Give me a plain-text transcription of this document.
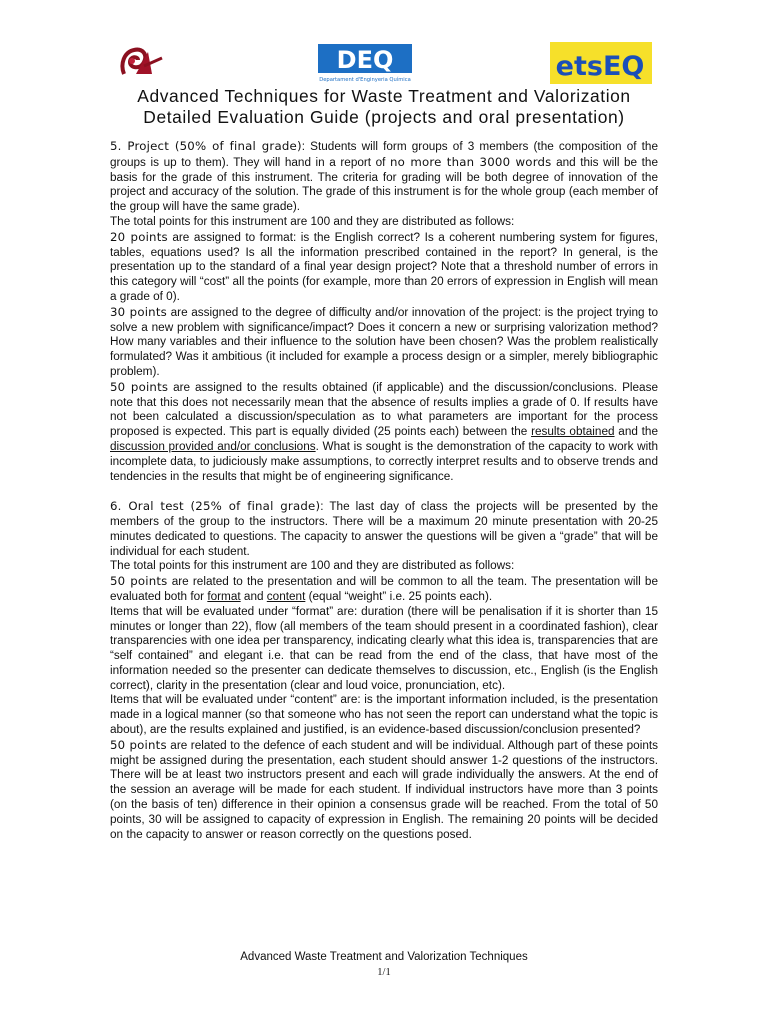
DEQ
Departament d'Enginyeria Química	etsEQ
Advanced Techniques for Waste Treatment and Valorization
Detailed Evaluation Guide (projects and oral presentation)

5. Project (50% of final grade): Students will form groups of 3 members (the composition of the groups is up to them). They will hand in a report of no more than 3000 words and this will be the basis for the grade of this instrument. The criteria for grading will be both degree of innovation of the project and accuracy of the solution. The grade of this instrument is for the whole group (each member of the group will have the same grade).

The total points for this instrument are 100 and they are distributed as follows:

20 points are assigned to format: is the English correct? Is a coherent numbering system for figures, tables, equations used? Is all the information prescribed contained in the report? In general, is the presentation up to the standard of a final year design project? Note that a threshold number of errors in this category will “cost” all the points (for example, more than 20 errors of expression in English will mean a grade of 0).

30 points are assigned to the degree of difficulty and/or innovation of the project: is the project trying to solve a new problem with significance/impact? Does it concern a new or surprising valorization method? How many variables and their influence to the solution have been chosen? Was the problem realistically formulated? Was it ambitious (it included for example a process design or a simpler, merely bibliographic problem).

50 points are assigned to the results obtained (if applicable) and the discussion/conclusions. Please note that this does not necessarily mean that the absence of results implies a grade of 0. If results have not been calculated a discussion/speculation as to what parameters are important for the process proposed is expected. This part is equally divided (25 points each) between the results obtained and the discussion provided and/or conclusions. What is sought is the demonstration of the capacity to work with incomplete data, to judiciously make assumptions, to correctly interpret results and to observe trends and tendencies in the results that might be of engineering significance.

6. Oral test (25% of final grade): The last day of class the projects will be presented by the members of the group to the instructors. There will be a maximum 20 minute presentation with 20-25 minutes dedicated to questions. The capacity to answer the questions will be given a “grade” that will be individual for each student.

The total points for this instrument are 100 and they are distributed as follows:

50 points are related to the presentation and will be common to all the team. The presentation will be evaluated both for format and content (equal “weight” i.e. 25 points each).

Items that will be evaluated under “format” are: duration (there will be penalisation if it is shorter than 15 minutes or longer than 22), flow (all members of the team should present in a coordinated fashion), clear transparencies with one idea per transparency, indicating clearly what this idea is, transparencies that are “self contained” and elegant i.e. that can be read from the end of the class, that have most of the information needed so the presenter can dedicate themselves to discussion, etc., English (is the English correct), clarity in the presentation (clear and loud voice, pronunciation, etc).

Items that will be evaluated under “content” are: is the important information included, is the presentation made in a logical manner (so that someone who has not seen the report can understand what the topic is about), are the results explained and justified, is an evidence-based discussion/conclusion presented?

50 points are related to the defence of each student and will be individual. Although part of these points might be assigned during the presentation, each student should answer 1-2 questions of the instructors. There will be at least two instructors present and each will grade individually the answers. At the end of the session an average will be made for each student. If individual instructors have more than 3 points (on the basis of ten) difference in their opinion a consensus grade will be reached. From the total of 50 points, 30 will be assigned to capacity of expression in English. The remaining 20 points will be decided on the capacity to answer or reason correctly on the questions posed.

Advanced Waste Treatment and Valorization Techniques
1/1
